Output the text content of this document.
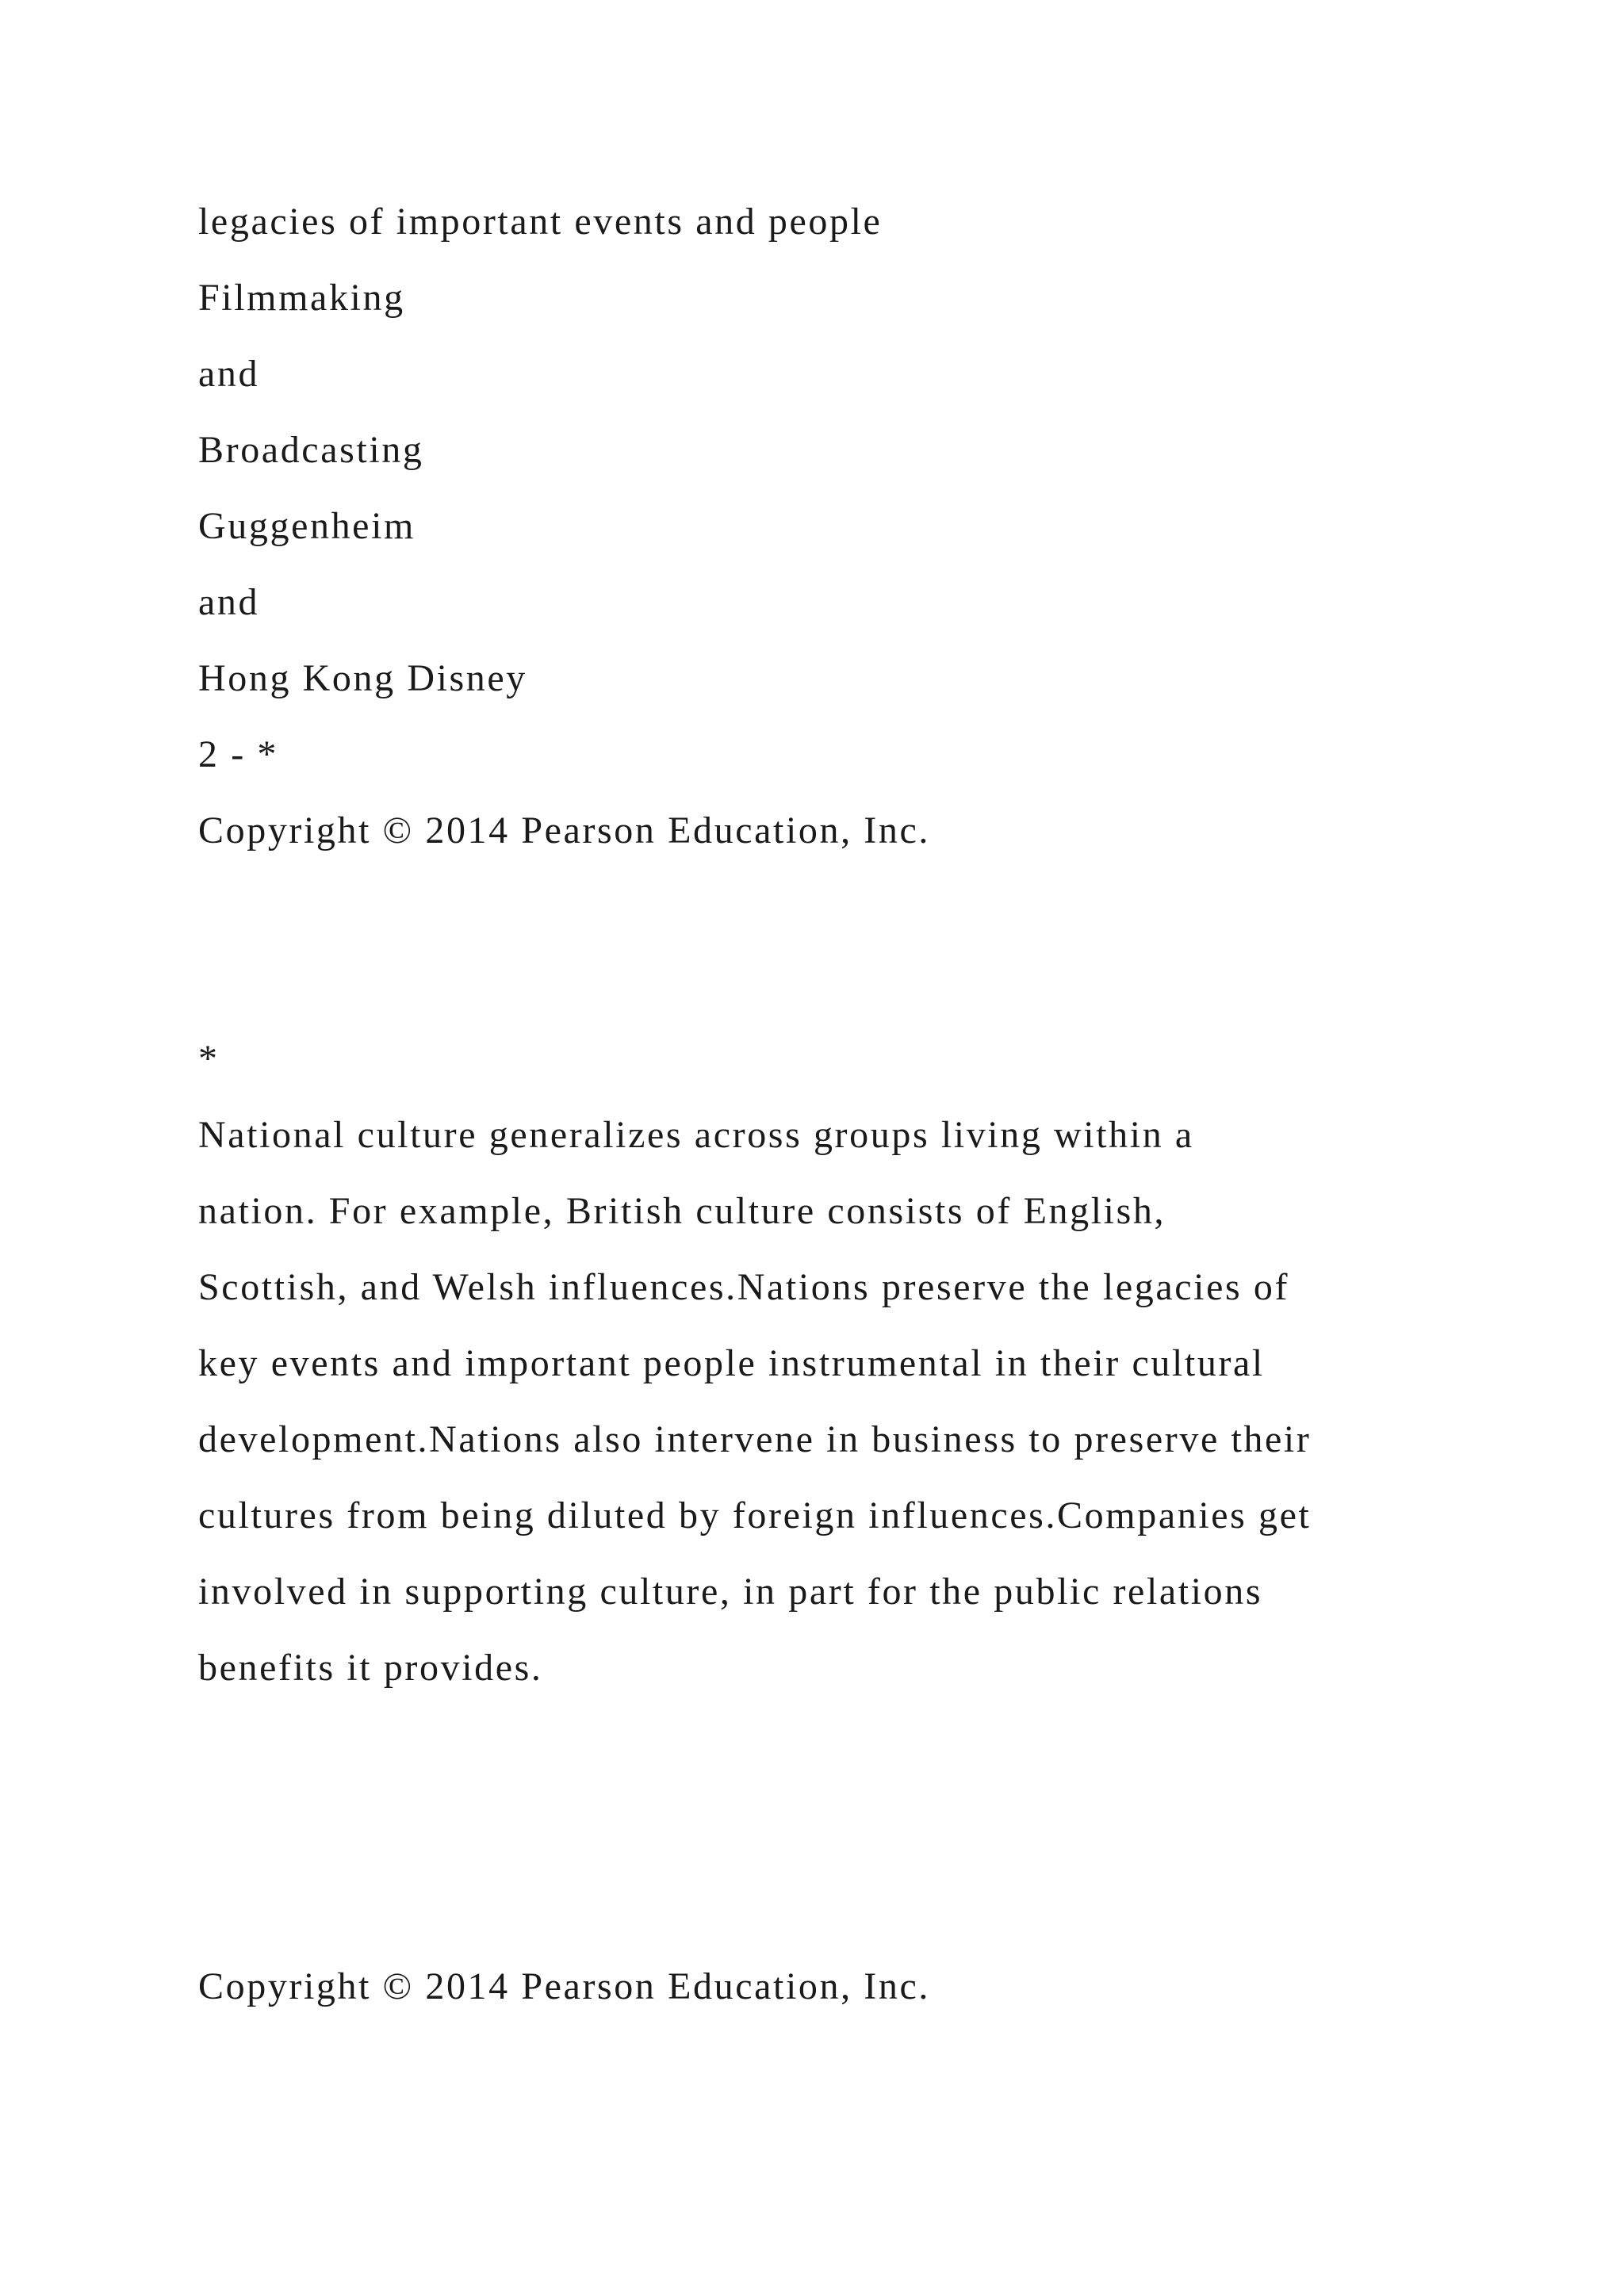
legacies of important events and people

Filmmaking

and

Broadcasting

Guggenheim

and

Hong Kong Disney

2 - *

Copyright © 2014 Pearson Education, Inc.

*

National culture generalizes across groups living within a

nation. For example, British culture consists of English,

Scottish, and Welsh influences.Nations preserve the legacies of

key events and important people instrumental in their cultural

development.Nations also intervene in business to preserve their

cultures from being diluted by foreign influences.Companies get

involved in supporting culture, in part for the public relations

benefits it provides.

Copyright © 2014 Pearson Education, Inc.
